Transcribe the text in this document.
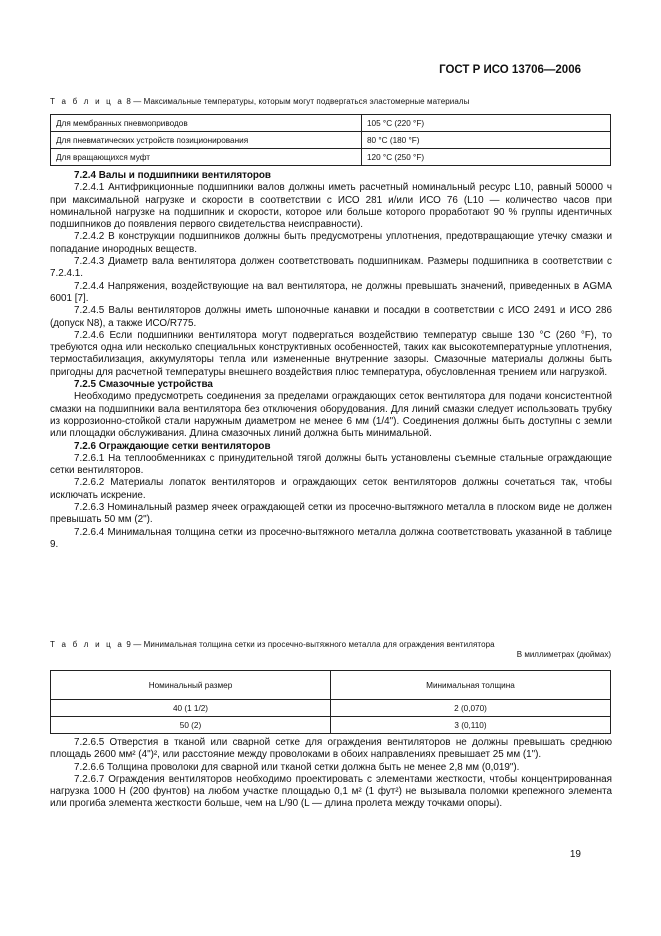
ГОСТ Р ИСО 13706—2006
Т а б л и ц а 8 — Максимальные температуры, которым могут подвергаться эластомерные материалы
Для мембранных пневмоприводов	105 °C (220 °F)
Для пневматических устройств позиционирования	80 °C (180 °F)
Для вращающихся муфт	120 °C (250 °F)

7.2.4 Валы и подшипники вентиляторов

7.2.4.1 Антифрикционные подшипники валов должны иметь расчетный номинальный ресурс L10, равный 50000 ч при максимальной нагрузке и скорости в соответствии с ИСО 281 и/или ИСО 76 (L10 — количество часов при номинальной нагрузке на подшипник и скорости, которое или больше которого проработают 90 % группы идентичных подшипников до появления первого свидетельства неисправности).

7.2.4.2 В конструкции подшипников должны быть предусмотрены уплотнения, предотвращающие утечку смазки и попадание инородных веществ.

7.2.4.3 Диаметр вала вентилятора должен соответствовать подшипникам. Размеры подшипника в соответствии с 7.2.4.1.

7.2.4.4 Напряжения, воздействующие на вал вентилятора, не должны превышать значений, приведенных в AGMA 6001 [7].

7.2.4.5 Валы вентиляторов должны иметь шпоночные канавки и посадки в соответствии с ИСО 2491 и ИСО 286 (допуск N8), а также ИСО/R775.

7.2.4.6 Если подшипники вентилятора могут подвергаться воздействию температур свыше 130 °С (260 °F), то требуются одна или несколько специальных конструктивных особенностей, таких как высокотемпературные уплотнения, термостабилизация, аккумуляторы тепла или измененные внутренние зазоры. Смазочные материалы должны быть пригодны для расчетной температуры внешнего воздействия плюс температура, обусловленная трением или нагрузкой.

7.2.5 Смазочные устройства

Необходимо предусмотреть соединения за пределами ограждающих сеток вентилятора для подачи консистентной смазки на подшипники вала вентилятора без отключения оборудования. Для линий смазки следует использовать трубку из коррозионно-стойкой стали наружным диаметром не менее 6 мм (1/4"). Соединения должны быть доступны с земли или площадки обслуживания. Длина смазочных линий должна быть минимальной.

7.2.6 Ограждающие сетки вентиляторов

7.2.6.1 На теплообменниках с принудительной тягой должны быть установлены съемные стальные ограждающие сетки вентиляторов.

7.2.6.2 Материалы лопаток вентиляторов и ограждающих сеток вентиляторов должны сочетаться так, чтобы исключать искрение.

7.2.6.3 Номинальный размер ячеек ограждающей сетки из просечно-вытяжного металла в плоском виде не должен превышать 50 мм (2").

7.2.6.4 Минимальная толщина сетки из просечно-вытяжного металла должна соответствовать указанной в таблице 9.

Т а б л и ц а 9 — Минимальная толщина сетки из просечно-вытяжного металла для ограждения вентилятора
В миллиметрах (дюймах)
Номинальный размер	Минимальная толщина
40 (1 1/2)	2 (0,070)
50 (2)	3 (0,110)

7.2.6.5 Отверстия в тканой или сварной сетке для ограждения вентиляторов не должны превышать среднюю площадь 2600 мм² (4")², или расстояние между проволоками в обоих направлениях превышает 25 мм (1").

7.2.6.6 Толщина проволоки для сварной или тканой сетки должна быть не менее 2,8 мм (0,019").

7.2.6.7 Ограждения вентиляторов необходимо проектировать с элементами жесткости, чтобы концентрированная нагрузка 1000 Н (200 фунтов) на любом участке площадью 0,1 м² (1 фут²) не вызывала поломки крепежного элемента или прогиба элемента жесткости больше, чем на L/90 (L — длина пролета между точками опоры).

19
